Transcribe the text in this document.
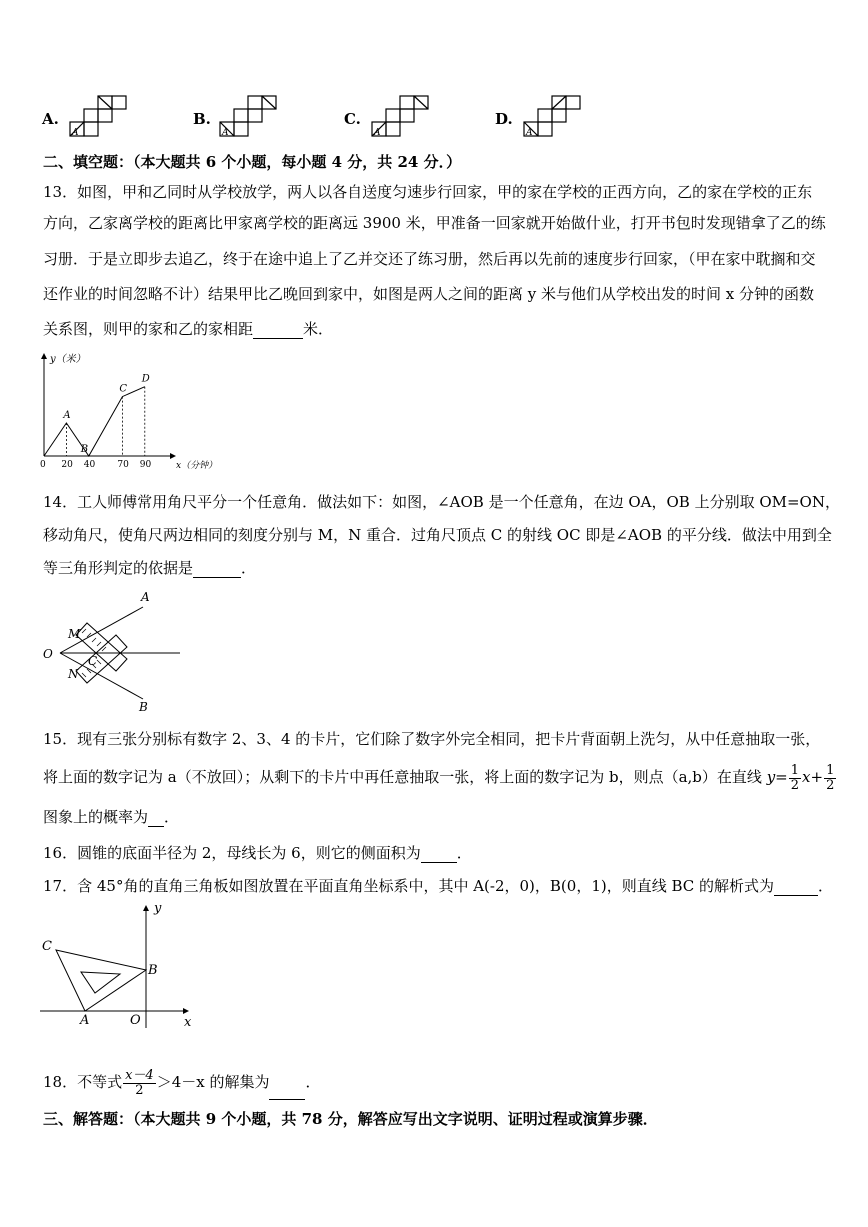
A.
A
B.
A
C.
A
D.
A
二、填空题：（本大题共 6 个小题，每小题 4 分，共 24 分．）
13．如图，甲和乙同时从学校放学，两人以各自送度匀速步行回家，甲的家在学校的正西方向，乙的家在学校的正东
方向，乙家离学校的距离比甲家离学校的距离远 3900 米，甲准备一回家就开始做什业，打开书包时发现错拿了乙的练
习册．于是立即步去追乙，终于在途中追上了乙并交还了练习册，然后再以先前的速度步行回家，（甲在家中耽搁和交
还作业的时间忽略不计）结果甲比乙晚回到家中，如图是两人之间的距离 y 米与他们从学校出发的时间 x 分钟的函数
关系图，则甲的家和乙的家相距	米．
y（米）
x（分钟）
0 20 40 70 90
A
B
C
D
14．工人师傅常用角尺平分一个任意角．做法如下：如图，∠AOB 是一个任意角，在边 OA，OB 上分别取 OM=ON，
移动角尺，使角尺两边相同的刻度分别与 M，N 重合．过角尺顶点 C 的射线 OC 即是∠AOB 的平分线．做法中用到全
等三角形判定的依据是	．
A
B
O
M
N
C
15．现有三张分别标有数字 2、3、4 的卡片，它们除了数字外完全相同，把卡片背面朝上洗匀，从中任意抽取一张，
将上面的数字记为 a（不放回）；从剩下的卡片中再任意抽取一张，将上面的数字记为 b，则点（a,b）在直线 $y= \frac{1}{2} x+ \frac{1}{2}$
图象上的概率为 ．
16．圆锥的底面半径为 2，母线长为 6，则它的侧面积为 ．
17．含 45°角的直角三角板如图放置在平面直角坐标系中，其中 A(-2，0)，B(0，1)，则直线 BC 的解析式为	．
y
x
C
B
A	O
18．不等式 $\frac{x-4}{2} >4-x$ 的解集为 ．
三、解答题：（本大题共 9 个小题，共 78 分，解答应写出文字说明、证明过程或演算步骤．
